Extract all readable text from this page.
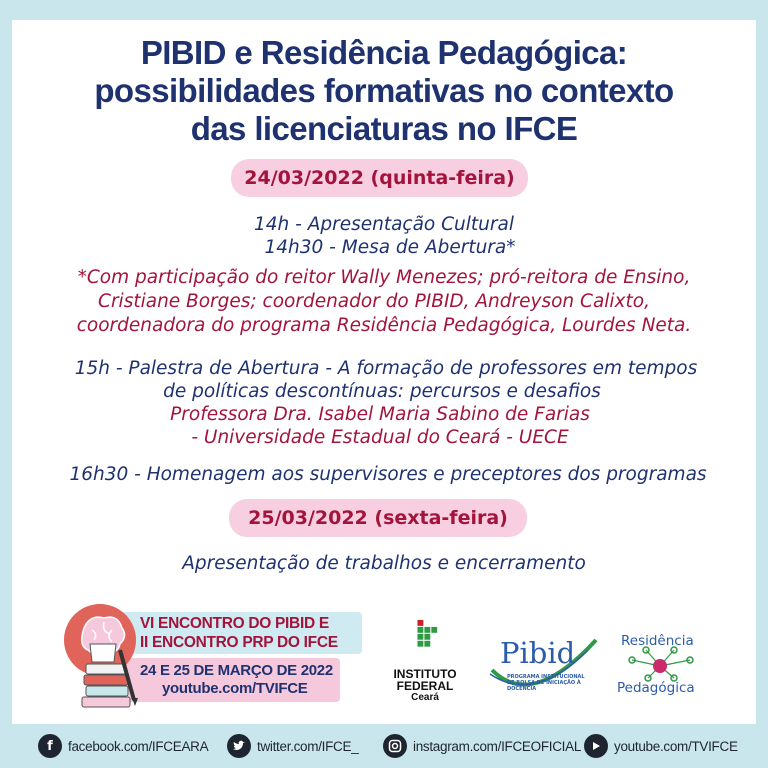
PIBID e Residência Pedagógica:
possibilidades formativas no contexto
das licenciaturas no IFCE
24/03/2022 (quinta-feira)
14h - Apresentação Cultural
14h30 - Mesa de Abertura*
*Com participação do reitor Wally Menezes; pró-reitora de Ensino,
Cristiane Borges; coordenador do PIBID, Andreyson Calixto,
coordenadora do programa Residência Pedagógica, Lourdes Neta.
15h - Palestra de Abertura - A formação de professores em tempos
de políticas descontínuas: percursos e desafios
Professora Dra. Isabel Maria Sabino de Farias
- Universidade Estadual do Ceará - UECE
16h30 - Homenagem aos supervisores e preceptores dos programas
25/03/2022 (sexta-feira)
Apresentação de trabalhos e encerramento
VI ENCONTRO DO PIBID E
II ENCONTRO PRP DO IFCE
24 E 25 DE MARÇO DE 2022
youtube.com/TVIFCE
INSTITUTO
FEDERAL
Ceará
Pibid
PROGRAMA INSTITUCIONAL DE BOLSA DE INICIAÇÃO À DOCÊNCIA
Residência
Pedagógica
f	facebook.com/IFCEARA	twitter.com/IFCE_	instagram.com/IFCEOFICIAL youtube.com/TVIFCE
